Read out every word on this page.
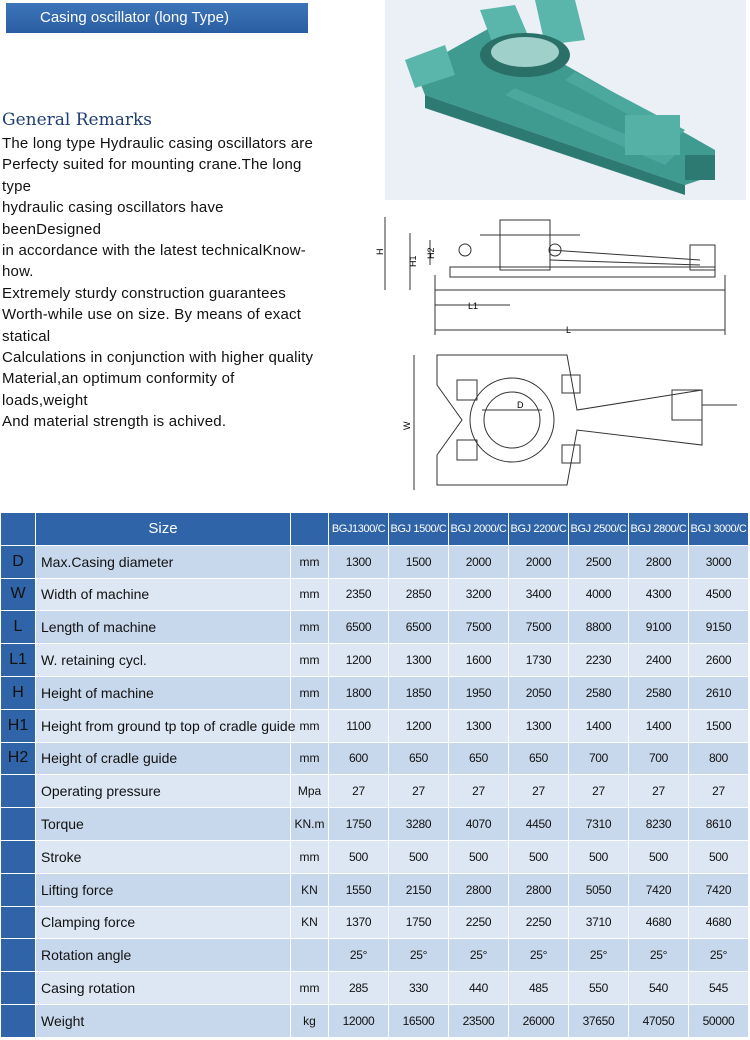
Casing oscillator (long Type)
General Remarks
The long type Hydraulic casing oscillators are
Perfecty suited for mounting crane.The long
type
hydraulic casing oscillators have
beenDesigned
in accordance with the latest technicalKnow-
how.
Extremely sturdy construction guarantees
Worth-while use on size. By means of exact
statical
Calculations in conjunction with higher quality
Material,an optimum conformity of
loads,weight
And material strength is achived.
H
H1
H2
L1
L
W
D
	Size		BGJ1300/C	BGJ 1500/C	BGJ 2000/C	BGJ 2200/C	BGJ 2500/C	BGJ 2800/C	BGJ 3000/C
D	Max.Casing diameter	mm	1300	1500	2000	2000	2500	2800	3000
W	Width of machine	mm	2350	2850	3200	3400	4000	4300	4500
L	Length of machine	mm	6500	6500	7500	7500	8800	9100	9150
L1	W. retaining cycl.	mm	1200	1300	1600	1730	2230	2400	2600
H	Height of machine	mm	1800	1850	1950	2050	2580	2580	2610
H1	Height from ground tp top of cradle guide	mm	1100	1200	1300	1300	1400	1400	1500
H2	Height of cradle guide	mm	600	650	650	650	700	700	800
	Operating pressure	Mpa	27	27	27	27	27	27	27
	Torque	KN.m	1750	3280	4070	4450	7310	8230	8610
	Stroke	mm	500	500	500	500	500	500	500
	Lifting force	KN	1550	2150	2800	2800	5050	7420	7420
	Clamping force	KN	1370	1750	2250	2250	3710	4680	4680
	Rotation angle		25°	25°	25°	25°	25°	25°	25°
	Casing rotation	mm	285	330	440	485	550	540	545
	Weight	kg	12000	16500	23500	26000	37650	47050	50000
